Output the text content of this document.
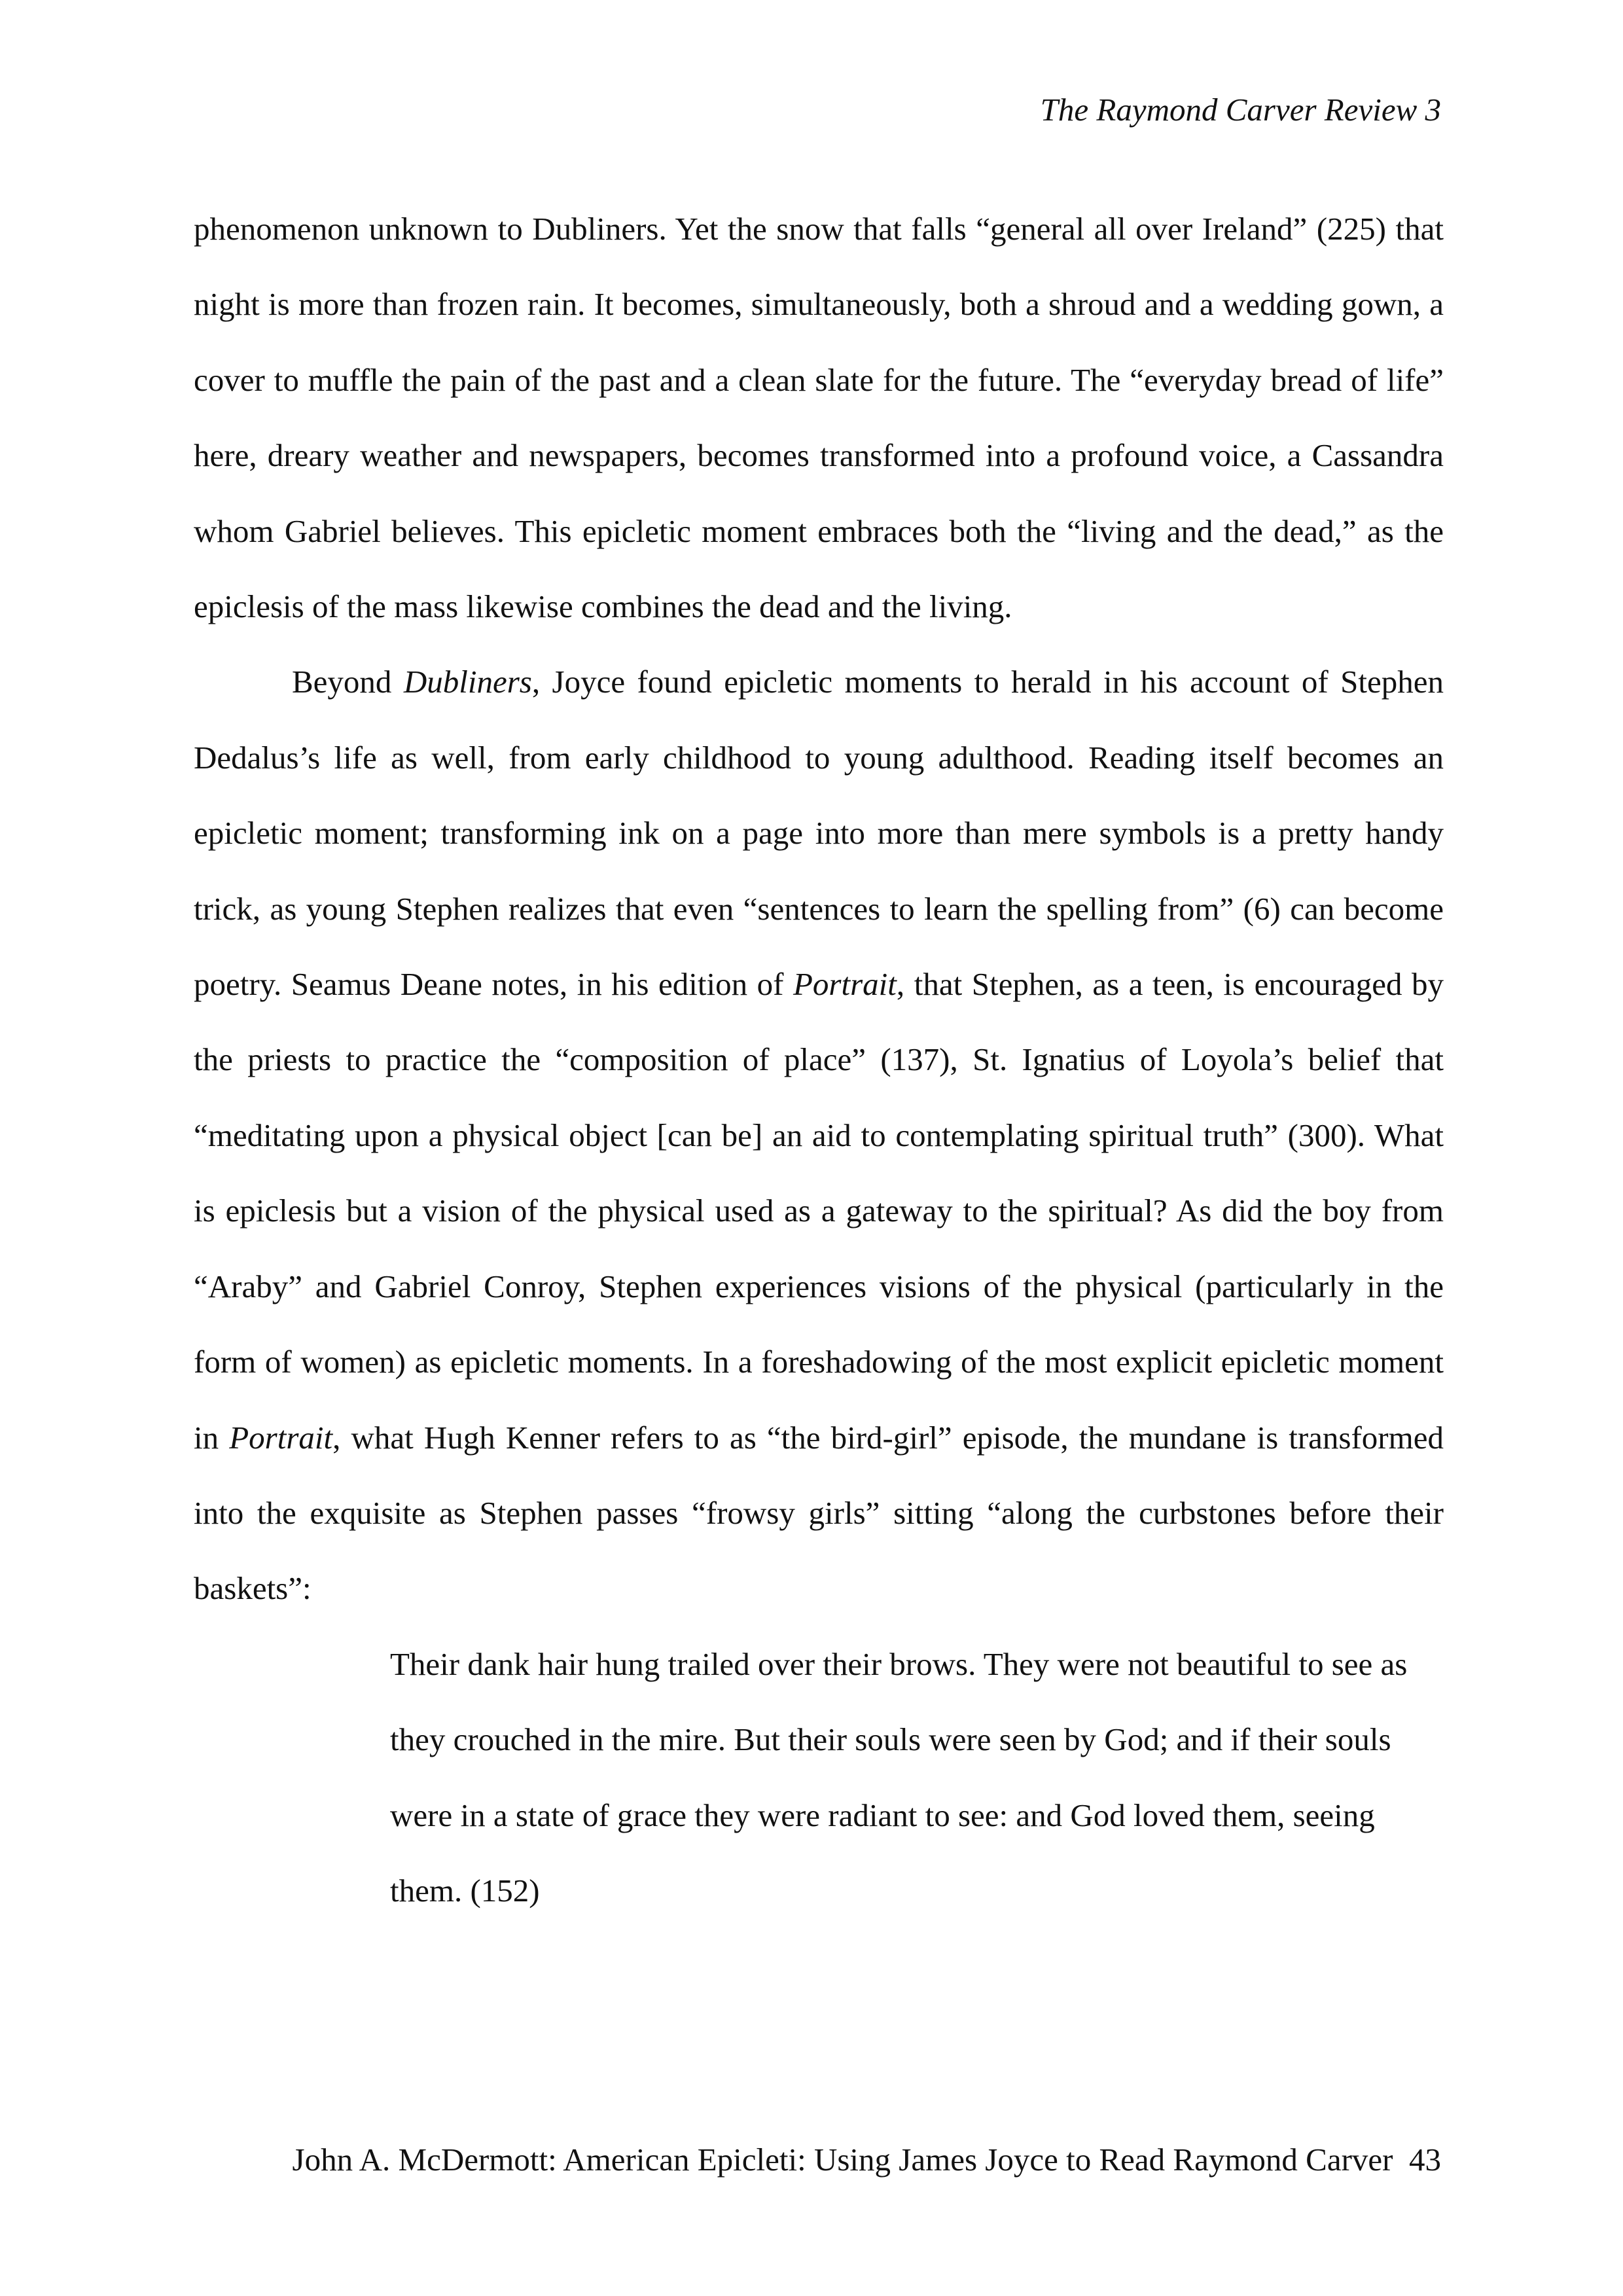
The Raymond Carver Review 3

phenomenon unknown to Dubliners. Yet the snow that falls “general all over Ireland” (225) that night is more than frozen rain. It becomes, simultaneously, both a shroud and a wedding gown, a cover to muffle the pain of the past and a clean slate for the future. The “everyday bread of life” here, dreary weather and newspapers, becomes transformed into a profound voice, a Cassandra whom Gabriel believes. This epicletic moment embraces both the “living and the dead,” as the epiclesis of the mass likewise combines the dead and the living.

Beyond Dubliners, Joyce found epicletic moments to herald in his account of Stephen Dedalus’s life as well, from early childhood to young adulthood. Reading itself becomes an epicletic moment; transforming ink on a page into more than mere symbols is a pretty handy trick, as young Stephen realizes that even “sentences to learn the spelling from” (6) can become poetry. Seamus Deane notes, in his edition of Portrait, that Stephen, as a teen, is encouraged by the priests to practice the “composition of place” (137), St. Ignatius of Loyola’s belief that “meditating upon a physical object [can be] an aid to contemplating spiritual truth” (300). What is epiclesis but a vision of the physical used as a gateway to the spiritual? As did the boy from “Araby” and Gabriel Conroy, Stephen experiences visions of the physical (particularly in the form of women) as epicletic moments. In a foreshadowing of the most explicit epicletic moment in Portrait, what Hugh Kenner refers to as “the bird-girl” episode, the mundane is transformed into the exquisite as Stephen passes “frowsy girls” sitting “along the curbstones before their baskets”:

Their dank hair hung trailed over their brows. They were not beautiful to see as they crouched in the mire. But their souls were seen by God; and if their souls were in a state of grace they were radiant to see: and God loved them, seeing them. (152)

John A. McDermott: American Epicleti: Using James Joyce to Read Raymond Carver 43
